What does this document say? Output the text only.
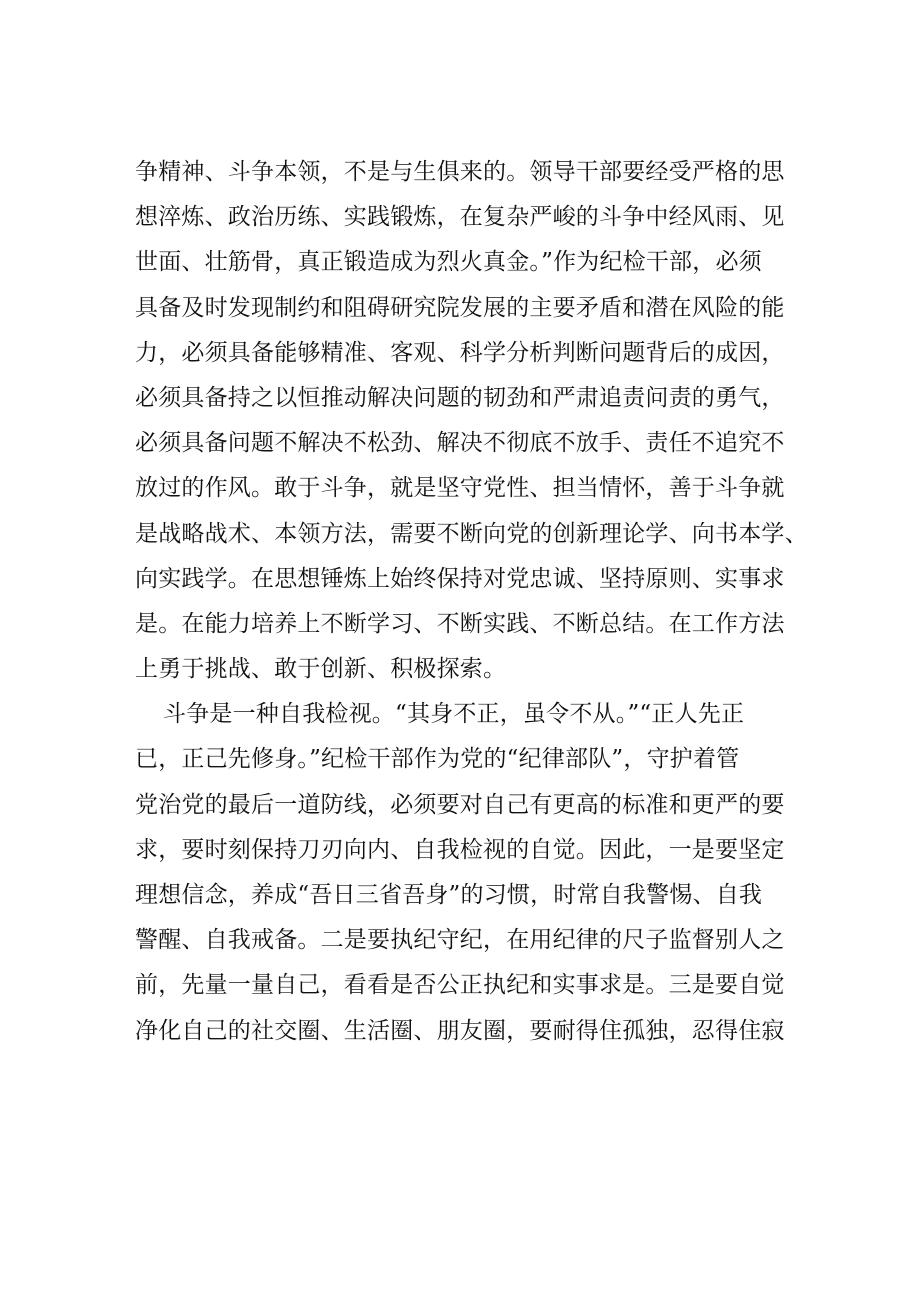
争精神、斗争本领，不是与生俱来的。领导干部要经受严格的思
想淬炼、政治历练、实践锻炼，在复杂严峻的斗争中经风雨、见
世面、壮筋骨，真正锻造成为烈火真金。”作为纪检干部，必须
具备及时发现制约和阻碍研究院发展的主要矛盾和潜在风险的能
力，必须具备能够精准、客观、科学分析判断问题背后的成因，
必须具备持之以恒推动解决问题的韧劲和严肃追责问责的勇气，
必须具备问题不解决不松劲、解决不彻底不放手、责任不追究不
放过的作风。敢于斗争，就是坚守党性、担当情怀，善于斗争就
是战略战术、本领方法，需要不断向党的创新理论学、向书本学、
向实践学。在思想锤炼上始终保持对党忠诚、坚持原则、实事求
是。在能力培养上不断学习、不断实践、不断总结。在工作方法
上勇于挑战、敢于创新、积极探索。
斗争是一种自我检视。“其身不正，虽令不从。”“正人先正
已，正己先修身。”纪检干部作为党的“纪律部队”，守护着管
党治党的最后一道防线，必须要对自己有更高的标准和更严的要
求，要时刻保持刀刃向内、自我检视的自觉。因此，一是要坚定
理想信念，养成“吾日三省吾身”的习惯，时常自我警惕、自我
警醒、自我戒备。二是要执纪守纪，在用纪律的尺子监督别人之
前，先量一量自己，看看是否公正执纪和实事求是。三是要自觉
净化自己的社交圈、生活圈、朋友圈，要耐得住孤独，忍得住寂
